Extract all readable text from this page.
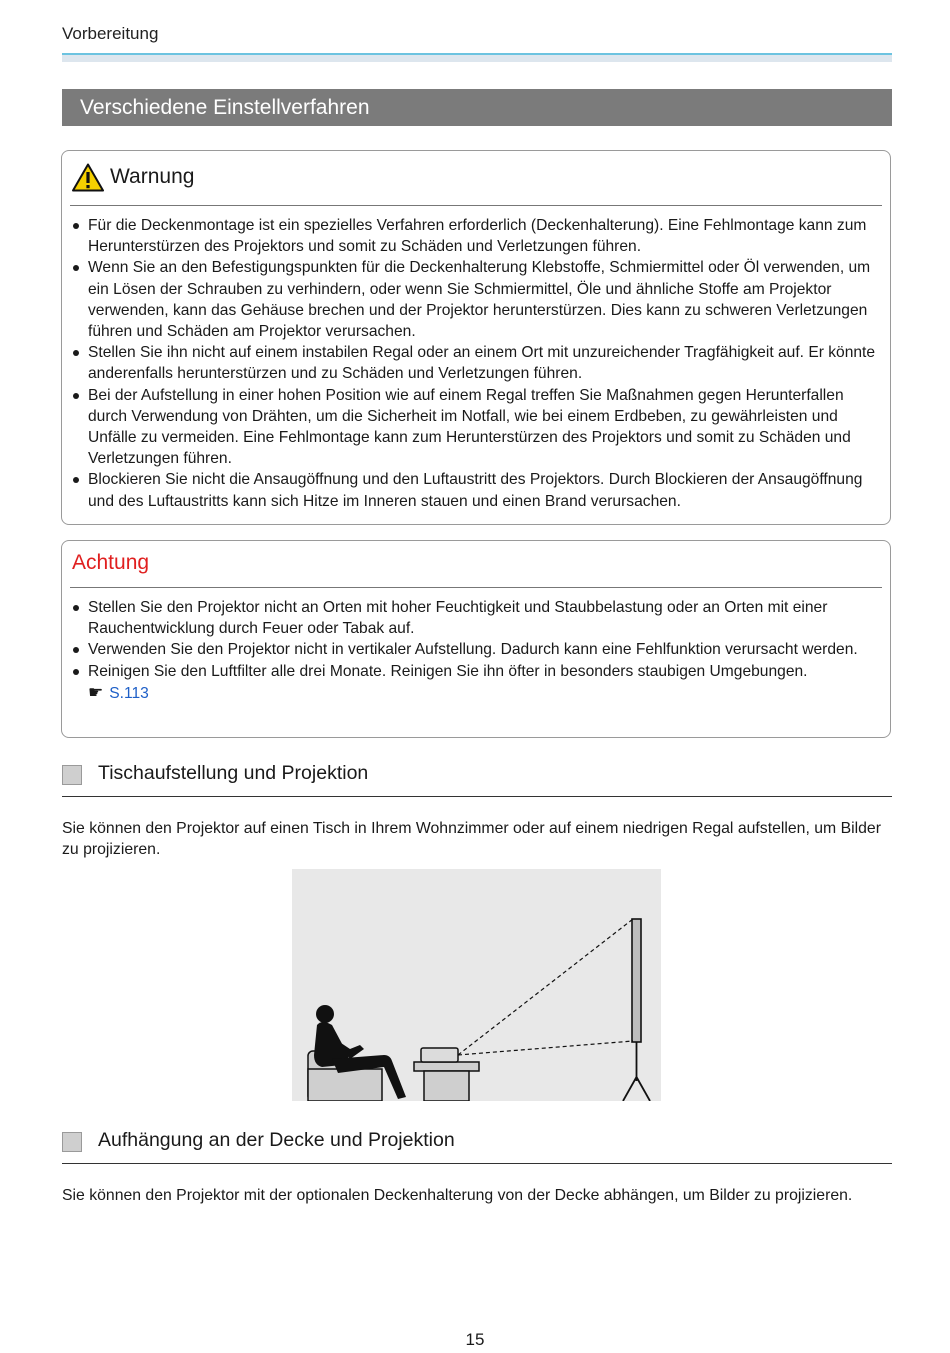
Vorbereitung
Verschiedene Einstellverfahren
Warnung
Für die Deckenmontage ist ein spezielles Verfahren erforderlich (Deckenhalterung). Eine Fehlmontage kann zum Herunterstürzen des Projektors und somit zu Schäden und Verletzungen führen.
Wenn Sie an den Befestigungspunkten für die Deckenhalterung Klebstoffe, Schmiermittel oder Öl verwenden, um ein Lösen der Schrauben zu verhindern, oder wenn Sie Schmiermittel, Öle und ähnliche Stoffe am Projektor verwenden, kann das Gehäuse brechen und der Projektor herunterstürzen. Dies kann zu schweren Verletzungen führen und Schäden am Projektor verursachen.
Stellen Sie ihn nicht auf einem instabilen Regal oder an einem Ort mit unzureichender Tragfähigkeit auf. Er könnte anderenfalls herunterstürzen und zu Schäden und Verletzungen führen.
Bei der Aufstellung in einer hohen Position wie auf einem Regal treffen Sie Maßnahmen gegen Herunterfallen durch Verwendung von Drähten, um die Sicherheit im Notfall, wie bei einem Erdbeben, zu gewährleisten und Unfälle zu vermeiden. Eine Fehlmontage kann zum Herunterstürzen des Projektors und somit zu Schäden und Verletzungen führen.
Blockieren Sie nicht die Ansaugöffnung und den Luftaustritt des Projektors. Durch Blockieren der Ansaugöffnung und des Luftaustritts kann sich Hitze im Inneren stauen und einen Brand verursachen.
Achtung
Stellen Sie den Projektor nicht an Orten mit hoher Feuchtigkeit und Staubbelastung oder an Orten mit einer Rauchentwicklung durch Feuer oder Tabak auf.
Verwenden Sie den Projektor nicht in vertikaler Aufstellung. Dadurch kann eine Fehlfunktion verursacht werden.
Reinigen Sie den Luftfilter alle drei Monate. Reinigen Sie ihn öfter in besonders staubigen Umgebungen.
☛ S.113
Tischaufstellung und Projektion

Sie können den Projektor auf einen Tisch in Ihrem Wohnzimmer oder auf einem niedrigen Regal aufstellen, um Bilder zu projizieren.

Aufhängung an der Decke und Projektion

Sie können den Projektor mit der optionalen Deckenhalterung von der Decke abhängen, um Bilder zu projizieren.

15
